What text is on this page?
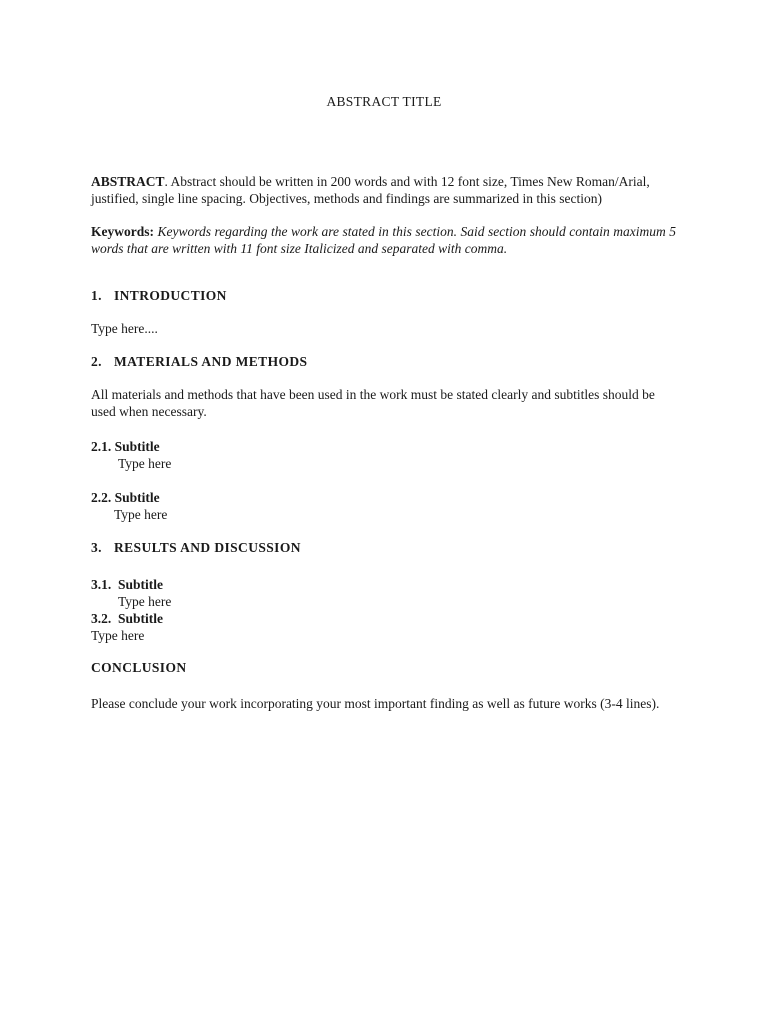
ABSTRACT TITLE
ABSTRACT. Abstract should be written in 200 words and with 12 font size, Times New Roman/Arial,
justified, single line spacing. Objectives, methods and findings are summarized in this section)
Keywords: Keywords regarding the work are stated in this section. Said section should contain maximum 5 words that are written with 11 font size Italicized and separated with comma.
1. INTRODUCTION
Type here....
2. MATERIALS AND METHODS
All materials and methods that have been used in the work must be stated clearly and subtitles should be used when necessary.
2.1. Subtitle
Type here
2.2. Subtitle
Type here
3. RESULTS AND DISCUSSION
3.1.  Subtitle
Type here
3.2.  Subtitle
Type here
CONCLUSION
Please conclude your work incorporating your most important finding as well as future works (3-4 lines).
